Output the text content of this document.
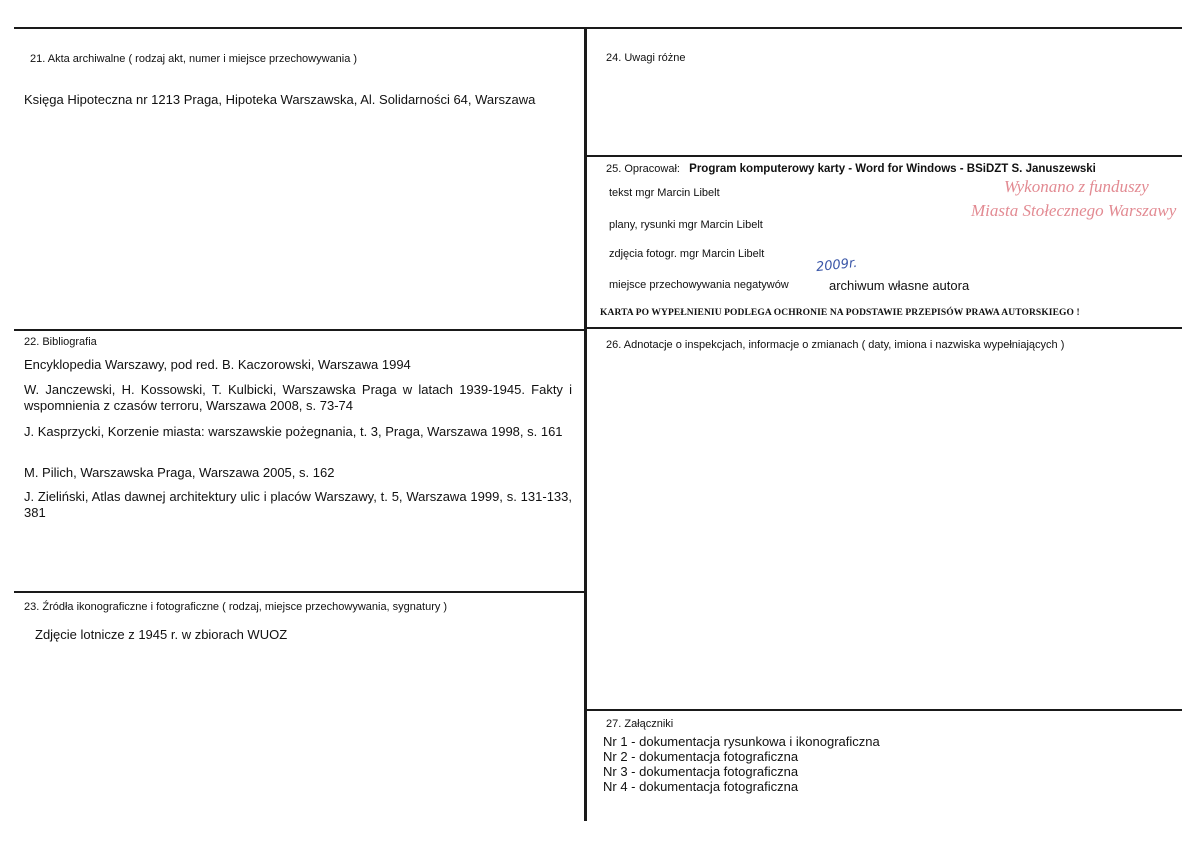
21. Akta archiwalne ( rodzaj akt, numer i miejsce przechowywania )
Księga Hipoteczna nr 1213 Praga, Hipoteka Warszawska, Al. Solidarności 64, Warszawa
22. Bibliografia
Encyklopedia Warszawy, pod red. B. Kaczorowski, Warszawa 1994
W. Janczewski, H. Kossowski, T. Kulbicki, Warszawska Praga w latach 1939-1945. Fakty i wspomnienia z czasów terroru, Warszawa 2008, s. 73-74
J. Kasprzycki, Korzenie miasta: warszawskie pożegnania, t. 3, Praga, Warszawa 1998, s. 161
M. Pilich, Warszawska Praga, Warszawa 2005, s. 162
J. Zieliński, Atlas dawnej architektury ulic i placów Warszawy, t. 5, Warszawa 1999, s. 131-133, 381
23. Źródła ikonograficzne i fotograficzne ( rodzaj, miejsce przechowywania, sygnatury )
Zdjęcie lotnicze z 1945 r. w zbiorach WUOZ
24. Uwagi różne
25. Opracował: Program komputerowy karty - Word for Windows - BSiDZT S. Januszewski
tekst mgr Marcin Libelt
plany, rysunki mgr Marcin Libelt
zdjęcia fotogr. mgr Marcin Libelt
miejsce przechowywania negatywów	archiwum własne autora
2009r.
Wykonano z funduszy
Miasta Stołecznego Warszawy
KARTA PO WYPEŁNIENIU PODLEGA OCHRONIE NA PODSTAWIE PRZEPISÓW PRAWA AUTORSKIEGO !
26. Adnotacje o inspekcjach, informacje o zmianach ( daty, imiona i nazwiska wypełniających )
27. Załączniki
Nr 1 - dokumentacja rysunkowa i ikonograficzna
Nr 2 - dokumentacja fotograficzna
Nr 3 - dokumentacja fotograficzna
Nr 4 - dokumentacja fotograficzna
